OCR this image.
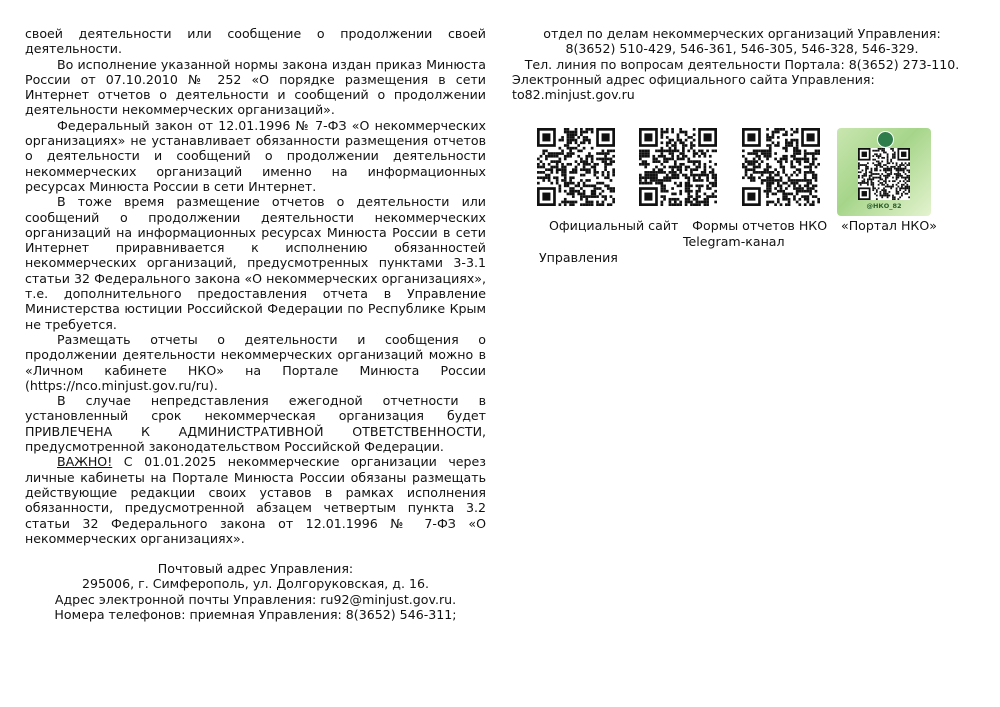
своей деятельности или сообщение о продолжении своей деятельности.

Во исполнение указанной нормы закона издан приказ Минюста России от 07.10.2010 № 252 «О порядке размещения в сети Интернет отчетов о деятельности и сообщений о продолжении деятельности некоммерческих организаций».

Федеральный закон от 12.01.1996 № 7-ФЗ «О некоммерческих организациях» не устанавливает обязанности размещения отчетов о деятельности и сообщений о продолжении деятельности некоммерческих организаций именно на информационных ресурсах Минюста России в сети Интернет.

В тоже время размещение отчетов о деятельности или сообщений о продолжении деятельности некоммерческих организаций на информационных ресурсах Минюста России в сети Интернет приравнивается к исполнению обязанностей некоммерческих организаций, предусмотренных пунктами 3-3.1 статьи 32 Федерального закона «О некоммерческих организациях», т.е. дополнительного предоставления отчета в Управление Министерства юстиции Российской Федерации по Республике Крым не требуется.

Размещать отчеты о деятельности и сообщения о продолжении деятельности некоммерческих организаций можно в «Личном кабинете НКО» на Портале Минюста России (https://nco.minjust.gov.ru/ru).

В случае непредставления ежегодной отчетности в установленный срок некоммерческая организация будет ПРИВЛЕЧЕНА К АДМИНИСТРАТИВНОЙ ОТВЕТСТВЕННОСТИ, предусмотренной законодательством Российской Федерации.

ВАЖНО! С 01.01.2025 некоммерческие организации через личные кабинеты на Портале Минюста России обязаны размещать действующие редакции своих уставов в рамках исполнения обязанности, предусмотренной абзацем четвертым пункта 3.2 статьи 32 Федерального закона от 12.01.1996 № 7-ФЗ «О некоммерческих организациях».

Почтовый адрес Управления:
295006, г. Симферополь, ул. Долгоруковская, д. 16.
Адрес электронной почты Управления: ru92@minjust.gov.ru.
Номера телефонов: приемная Управления: 8(3652) 546-311;
отдел по делам некоммерческих организаций Управления:
8(3652) 510-429, 546-361, 546-305, 546-328, 546-329.
Тел. линия по вопросам деятельности Портала: 8(3652) 273-110.
Электронный адрес официального сайта Управления:
to82.minjust.gov.ru
@НКО_82
Официальный сайт Формы отчетов НКО «Портал НКО»
Telegram-канал
Управления
